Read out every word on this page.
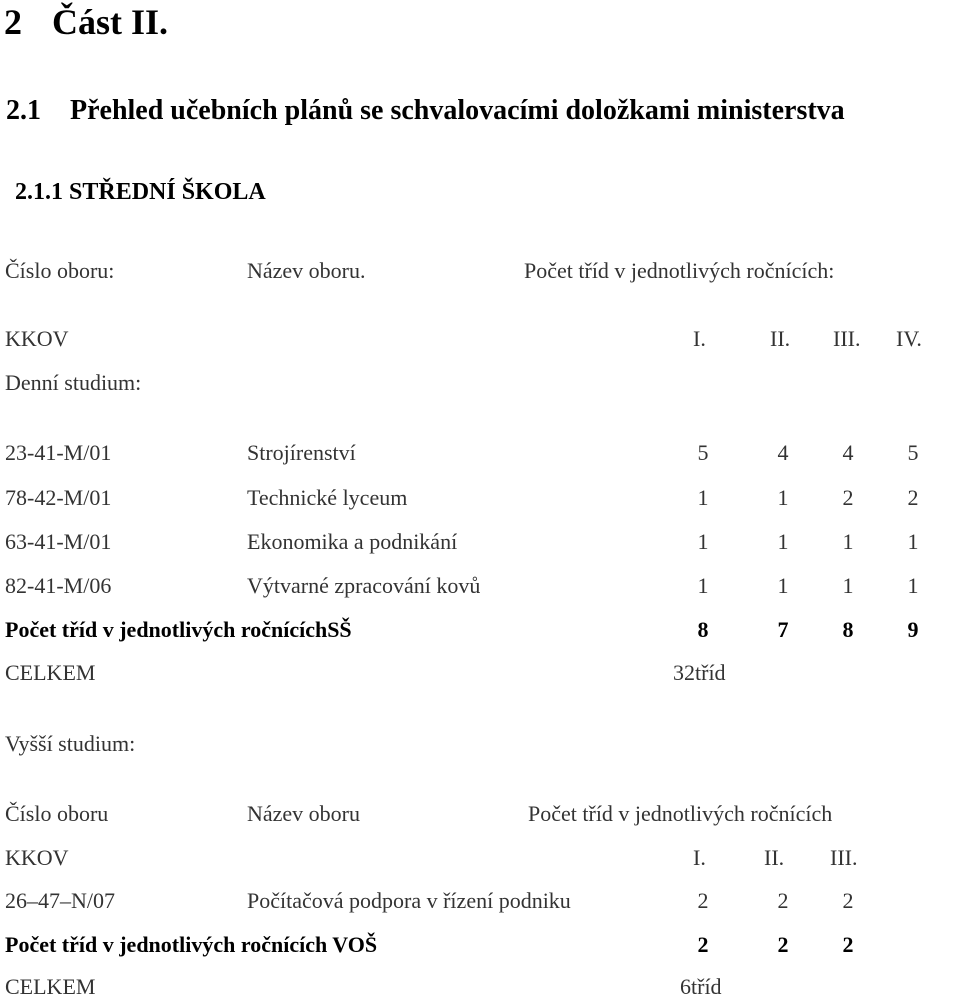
2 Část II.
2.1 Přehled učebních plánů se schvalovacími doložkami ministerstva
2.1.1 STŘEDNÍ ŠKOLA
Číslo oboru:	Název oboru.	Počet tříd v jednotlivých ročnících:
KKOV	I.	II. III. IV.
Denní studium:
23-41-M/01	Strojírenství	5	4	4	5
78-42-M/01	Technické lyceum	1	1	2	2
63-41-M/01	Ekonomika a podnikání	1	1	1	1
82-41-M/06	Výtvarné zpracování kovů	1	1	1	1
Počet tříd v jednotlivých ročnícíchSŠ	8	7	8	9
CELKEM	32tříd
Vyšší studium:
Číslo oboru	Název oboru	Počet tříd v jednotlivých ročnících
KKOV	I.	II. III.
26–47–N/07	Počítačová podpora v řízení podniku	2	2	2
Počet tříd v jednotlivých ročnících VOŠ	2	2	2
CELKEM	6tříd
